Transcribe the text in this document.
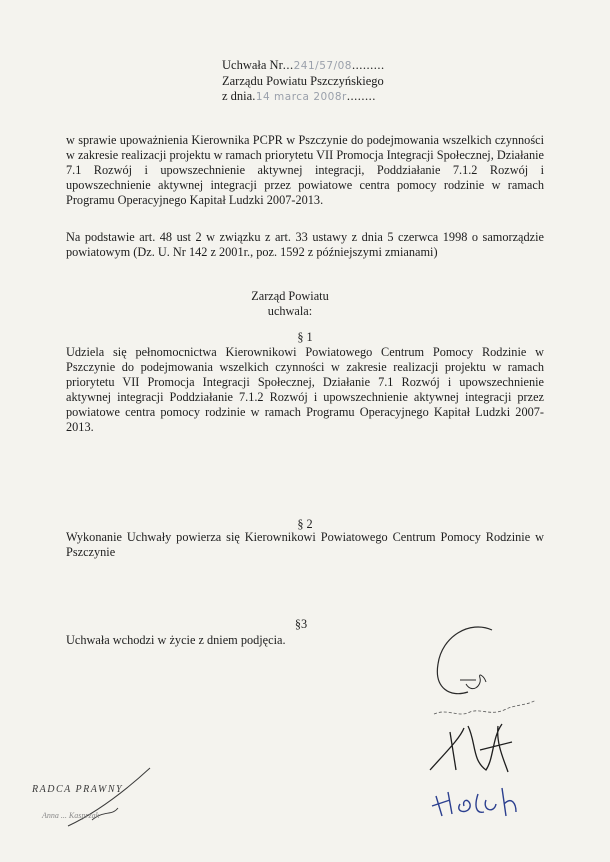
Uchwała Nr...241/57/08.........
Zarządu Powiatu Pszczyńskiego
z dnia.14 marca 2008r........
w sprawie upoważnienia Kierownika PCPR w Pszczynie do podejmowania wszelkich czynności w zakresie realizacji projektu w ramach priorytetu VII Promocja Integracji Społecznej, Działanie 7.1 Rozwój i upowszechnienie aktywnej integracji, Poddziałanie 7.1.2 Rozwój i upowszechnienie aktywnej integracji przez powiatowe centra pomocy rodzinie w ramach Programu Operacyjnego Kapitał Ludzki 2007-2013.
Na podstawie art. 48 ust 2 w związku z art. 33 ustawy z dnia 5 czerwca 1998 o samorządzie powiatowym (Dz. U. Nr 142 z 2001r., poz. 1592 z późniejszymi zmianami)
Zarząd Powiatu
uchwala:
§ 1
Udziela się pełnomocnictwa Kierownikowi Powiatowego Centrum Pomocy Rodzinie w Pszczynie do podejmowania wszelkich czynności w zakresie realizacji projektu w ramach priorytetu VII Promocja Integracji Społecznej, Działanie 7.1 Rozwój i upowszechnienie aktywnej integracji Poddziałanie 7.1.2 Rozwój i upowszechnienie aktywnej integracji przez powiatowe centra pomocy rodzinie w ramach Programu Operacyjnego Kapitał Ludzki 2007-2013.
§ 2
Wykonanie Uchwały powierza się Kierownikowi Powiatowego Centrum Pomocy Rodzinie w Pszczynie
§3
Uchwała wchodzi w życie z dniem podjęcia.
RADCA PRAWNY
Anna ... Kasprzak
